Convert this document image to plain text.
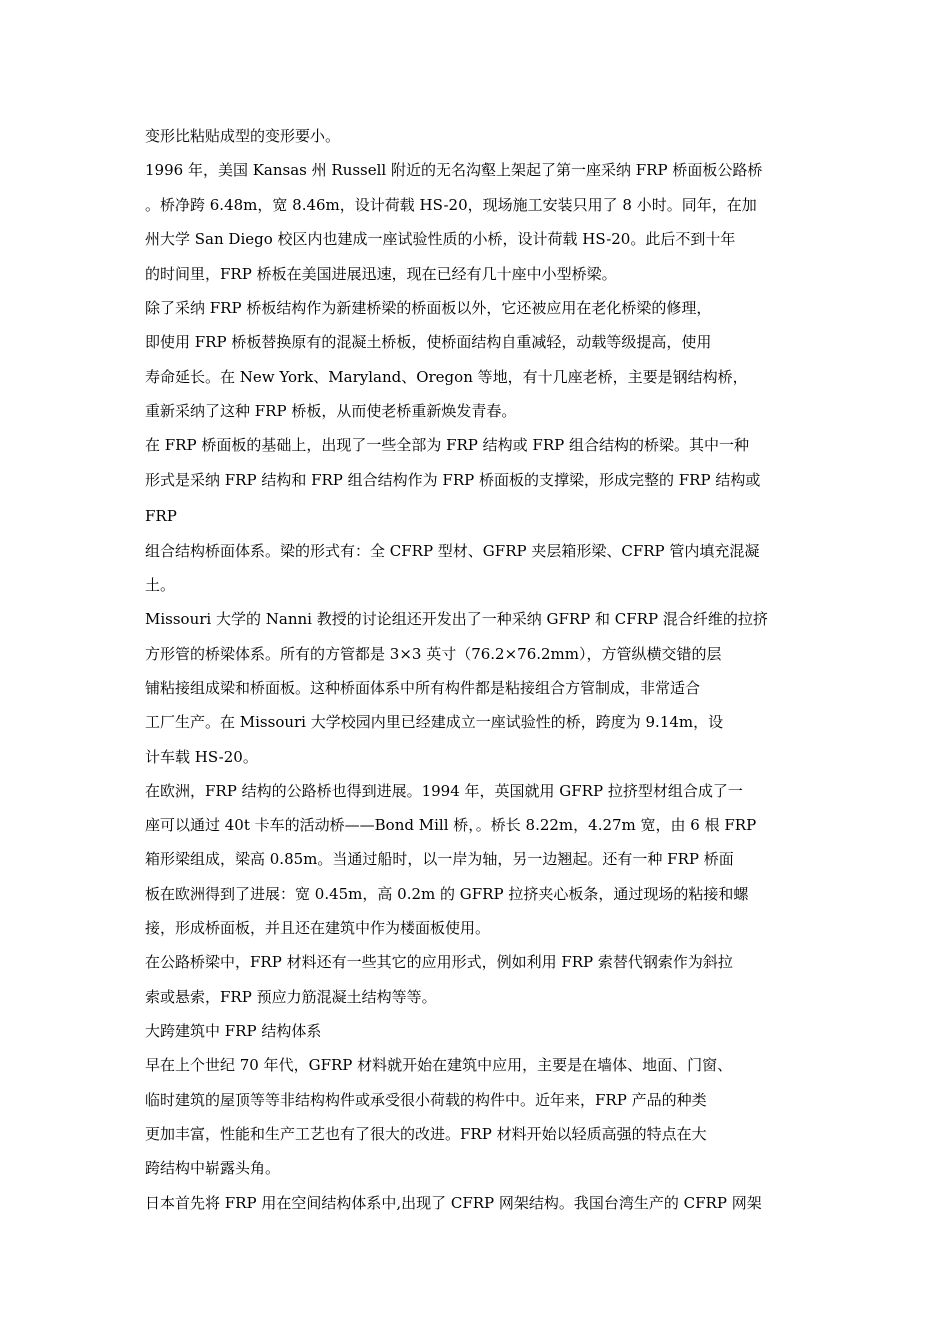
变形比粘贴成型的变形要小。
1996 年，美国 Kansas 州 Russell 附近的无名沟壑上架起了第一座采纳 FRP 桥面板公路桥
。桥净跨 6.48m，宽 8.46m，设计荷载 HS-20，现场施工安装只用了 8 小时。同年，在加
州大学 San Diego 校区内也建成一座试验性质的小桥，设计荷载 HS-20。此后不到十年
的时间里，FRP 桥板在美国进展迅速，现在已经有几十座中小型桥梁。
除了采纳 FRP 桥板结构作为新建桥梁的桥面板以外，它还被应用在老化桥梁的修理，
即使用 FRP 桥板替换原有的混凝土桥板，使桥面结构自重减轻，动载等级提高，使用
寿命延长。在 New York、Maryland、Oregon 等地，有十几座老桥，主要是钢结构桥，
重新采纳了这种 FRP 桥板，从而使老桥重新焕发青春。
在 FRP 桥面板的基础上，出现了一些全部为 FRP 结构或 FRP 组合结构的桥梁。其中一种
形式是采纳 FRP 结构和 FRP 组合结构作为 FRP 桥面板的支撑梁，形成完整的 FRP 结构或
FRP
组合结构桥面体系。梁的形式有：全 CFRP 型材、GFRP 夹层箱形梁、CFRP 管内填充混凝
土。
Missouri 大学的 Nanni 教授的讨论组还开发出了一种采纳 GFRP 和 CFRP 混合纤维的拉挤
方形管的桥梁体系。所有的方管都是 3×3 英寸（76.2×76.2mm），方管纵横交错的层
铺粘接组成梁和桥面板。这种桥面体系中所有构件都是粘接组合方管制成，非常适合
工厂生产。在 Missouri 大学校园内里已经建成立一座试验性的桥，跨度为 9.14m，设
计车载 HS-20。
在欧洲，FRP 结构的公路桥也得到进展。1994 年，英国就用 GFRP 拉挤型材组合成了一
座可以通过 40t 卡车的活动桥——Bond Mill 桥，。桥长 8.22m，4.27m 宽，由 6 根 FRP
箱形梁组成，梁高 0.85m。当通过船时，以一岸为轴，另一边翘起。还有一种 FRP 桥面
板在欧洲得到了进展：宽 0.45m，高 0.2m 的 GFRP 拉挤夹心板条，通过现场的粘接和螺
接，形成桥面板，并且还在建筑中作为楼面板使用。
在公路桥梁中，FRP 材料还有一些其它的应用形式，例如利用 FRP 索替代钢索作为斜拉
索或悬索，FRP 预应力筋混凝土结构等等。
大跨建筑中 FRP 结构体系
早在上个世纪 70 年代，GFRP 材料就开始在建筑中应用，主要是在墙体、地面、门窗、
临时建筑的屋顶等等非结构构件或承受很小荷载的构件中。近年来，FRP 产品的种类
更加丰富，性能和生产工艺也有了很大的改进。FRP 材料开始以轻质高强的特点在大
跨结构中崭露头角。
日本首先将 FRP 用在空间结构体系中,出现了 CFRP 网架结构。我国台湾生产的 CFRP 网架
